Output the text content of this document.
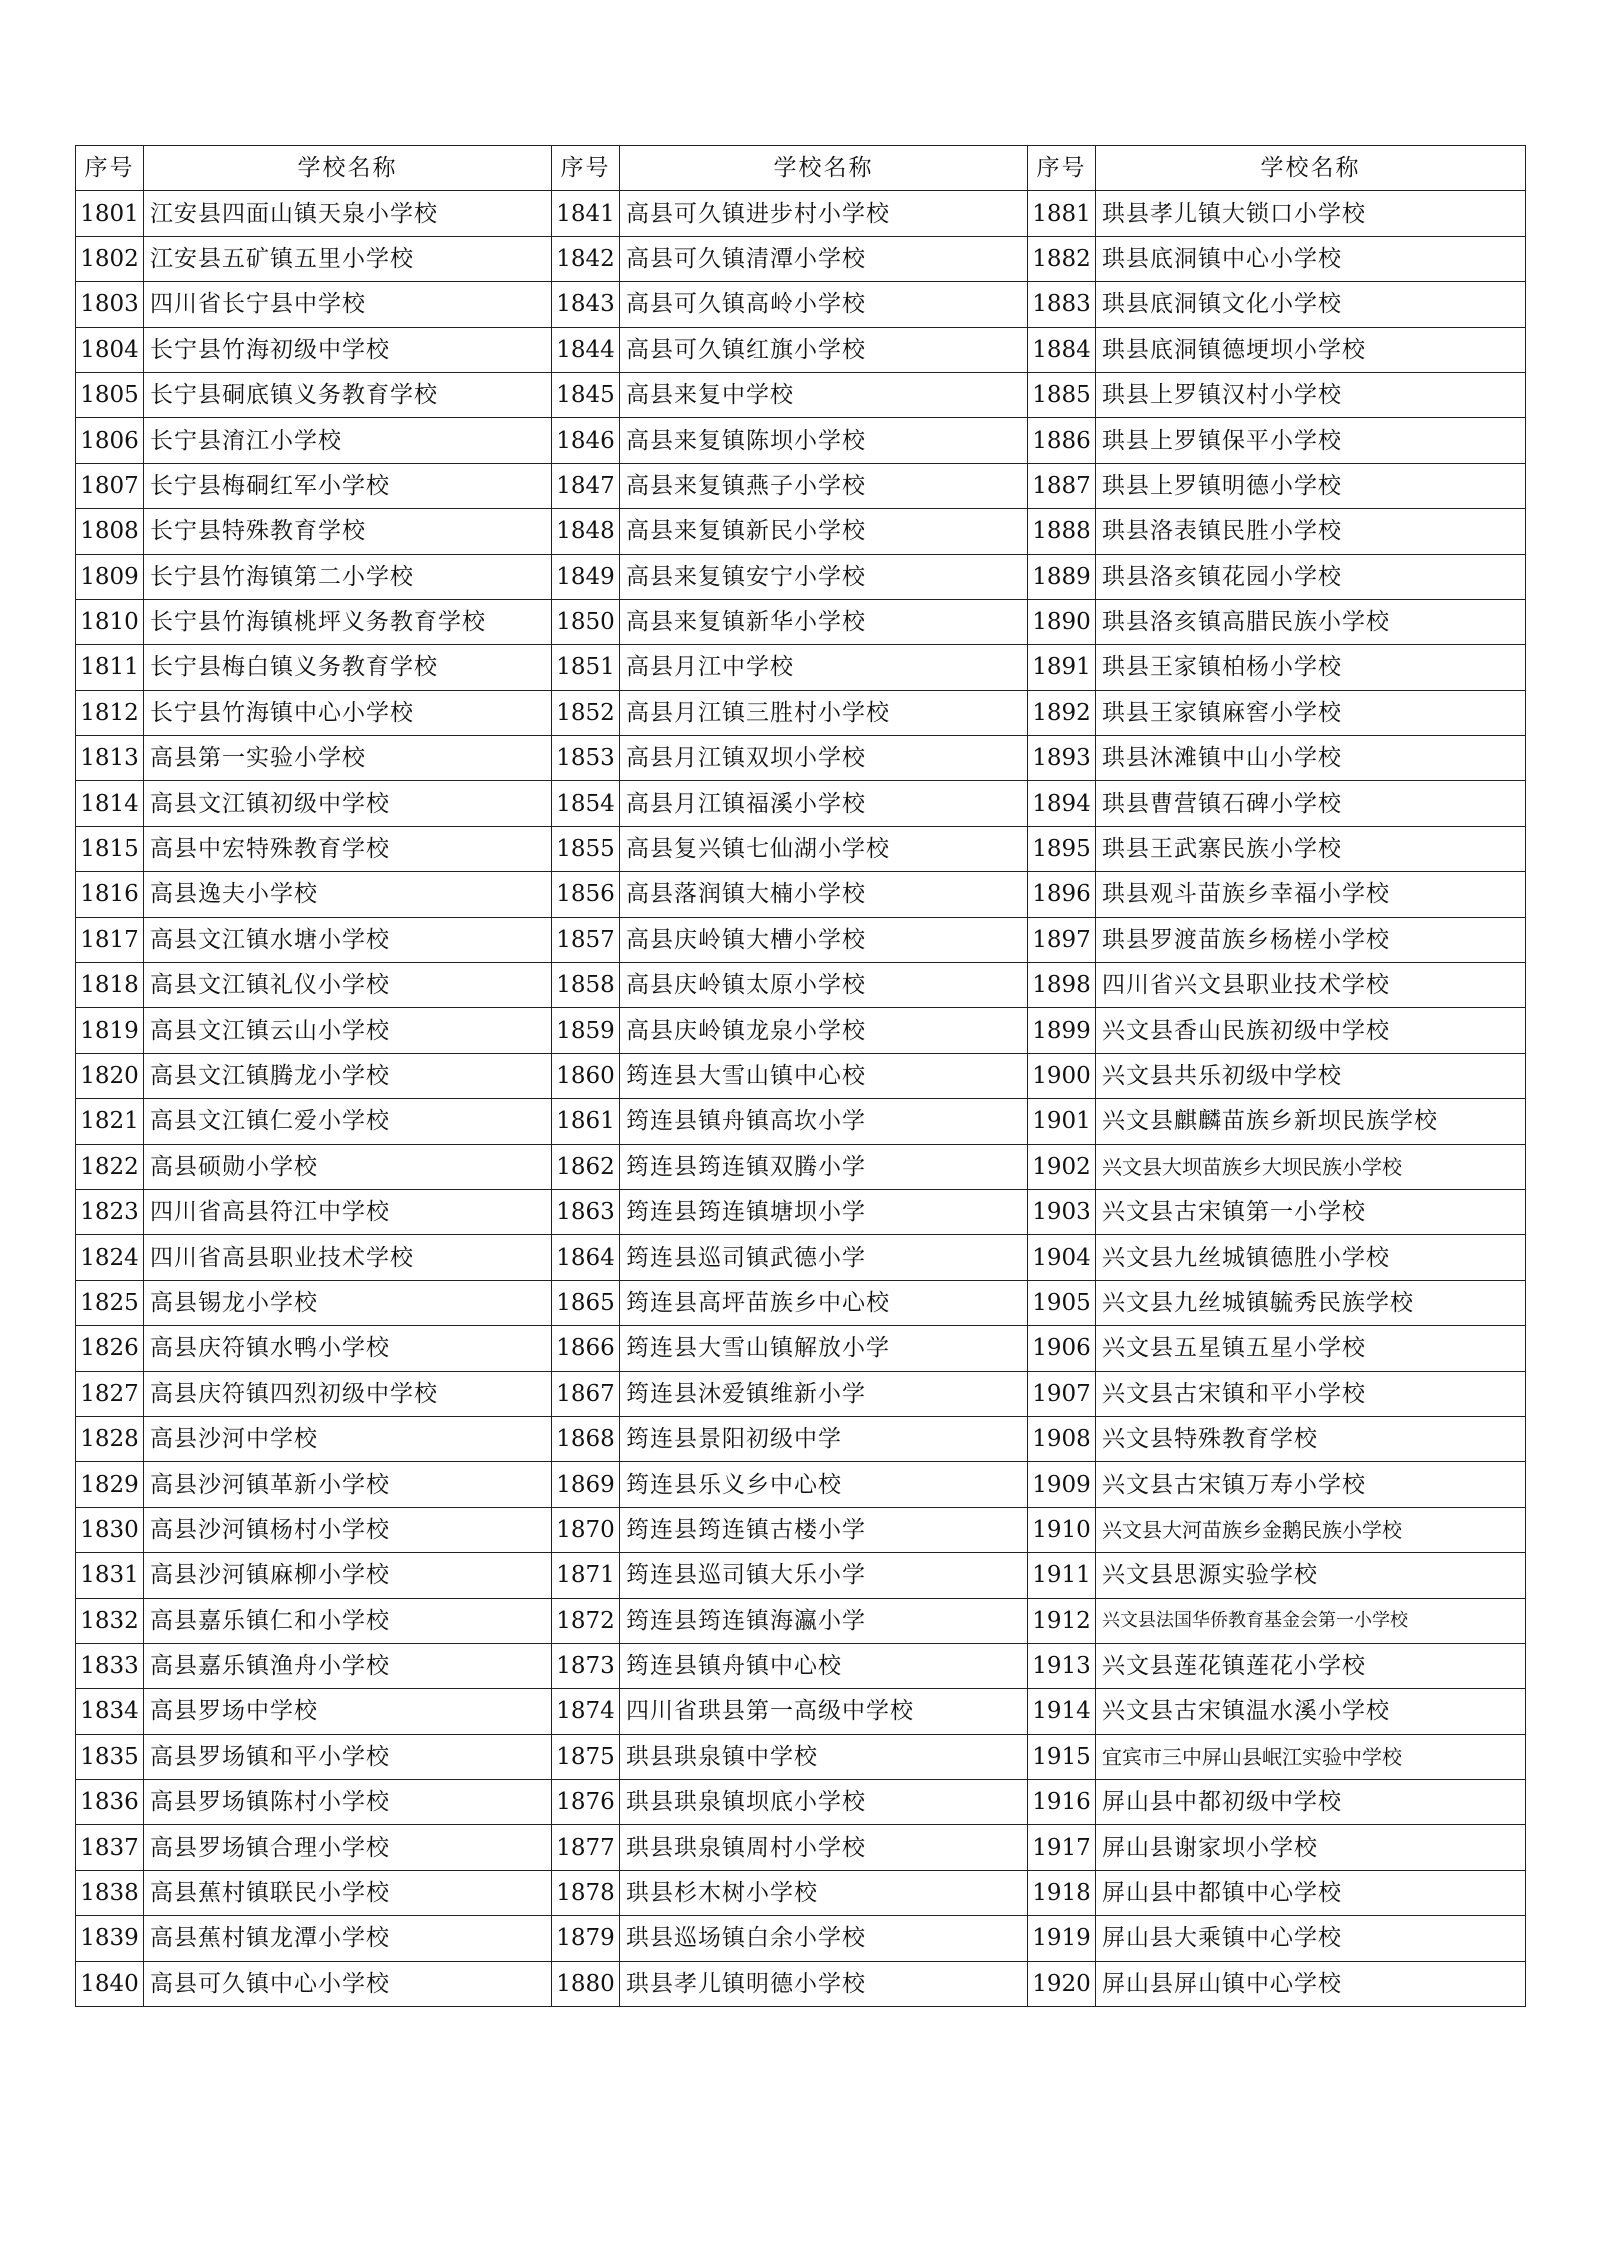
序号	学校名称	序号	学校名称	序号	学校名称
1801	江安县四面山镇天泉小学校	1841	高县可久镇进步村小学校	1881	珙县孝儿镇大锁口小学校
1802	江安县五矿镇五里小学校	1842	高县可久镇清潭小学校	1882	珙县底洞镇中心小学校
1803	四川省长宁县中学校	1843	高县可久镇高岭小学校	1883	珙县底洞镇文化小学校
1804	长宁县竹海初级中学校	1844	高县可久镇红旗小学校	1884	珙县底洞镇德埂坝小学校
1805	长宁县硐底镇义务教育学校	1845	高县来复中学校	1885	珙县上罗镇汉村小学校
1806	长宁县淯江小学校	1846	高县来复镇陈坝小学校	1886	珙县上罗镇保平小学校
1807	长宁县梅硐红军小学校	1847	高县来复镇燕子小学校	1887	珙县上罗镇明德小学校
1808	长宁县特殊教育学校	1848	高县来复镇新民小学校	1888	珙县洛表镇民胜小学校
1809	长宁县竹海镇第二小学校	1849	高县来复镇安宁小学校	1889	珙县洛亥镇花园小学校
1810	长宁县竹海镇桃坪义务教育学校	1850	高县来复镇新华小学校	1890	珙县洛亥镇高腊民族小学校
1811	长宁县梅白镇义务教育学校	1851	高县月江中学校	1891	珙县王家镇柏杨小学校
1812	长宁县竹海镇中心小学校	1852	高县月江镇三胜村小学校	1892	珙县王家镇麻窖小学校
1813	高县第一实验小学校	1853	高县月江镇双坝小学校	1893	珙县沐滩镇中山小学校
1814	高县文江镇初级中学校	1854	高县月江镇福溪小学校	1894	珙县曹营镇石碑小学校
1815	高县中宏特殊教育学校	1855	高县复兴镇七仙湖小学校	1895	珙县王武寨民族小学校
1816	高县逸夫小学校	1856	高县落润镇大楠小学校	1896	珙县观斗苗族乡幸福小学校
1817	高县文江镇水塘小学校	1857	高县庆岭镇大槽小学校	1897	珙县罗渡苗族乡杨槎小学校
1818	高县文江镇礼仪小学校	1858	高县庆岭镇太原小学校	1898	四川省兴文县职业技术学校
1819	高县文江镇云山小学校	1859	高县庆岭镇龙泉小学校	1899	兴文县香山民族初级中学校
1820	高县文江镇腾龙小学校	1860	筠连县大雪山镇中心校	1900	兴文县共乐初级中学校
1821	高县文江镇仁爱小学校	1861	筠连县镇舟镇高坎小学	1901	兴文县麒麟苗族乡新坝民族学校
1822	高县硕勋小学校	1862	筠连县筠连镇双腾小学	1902	兴文县大坝苗族乡大坝民族小学校
1823	四川省高县符江中学校	1863	筠连县筠连镇塘坝小学	1903	兴文县古宋镇第一小学校
1824	四川省高县职业技术学校	1864	筠连县巡司镇武德小学	1904	兴文县九丝城镇德胜小学校
1825	高县锡龙小学校	1865	筠连县高坪苗族乡中心校	1905	兴文县九丝城镇毓秀民族学校
1826	高县庆符镇水鸭小学校	1866	筠连县大雪山镇解放小学	1906	兴文县五星镇五星小学校
1827	高县庆符镇四烈初级中学校	1867	筠连县沐爱镇维新小学	1907	兴文县古宋镇和平小学校
1828	高县沙河中学校	1868	筠连县景阳初级中学	1908	兴文县特殊教育学校
1829	高县沙河镇革新小学校	1869	筠连县乐义乡中心校	1909	兴文县古宋镇万寿小学校
1830	高县沙河镇杨村小学校	1870	筠连县筠连镇古楼小学	1910	兴文县大河苗族乡金鹅民族小学校
1831	高县沙河镇麻柳小学校	1871	筠连县巡司镇大乐小学	1911	兴文县思源实验学校
1832	高县嘉乐镇仁和小学校	1872	筠连县筠连镇海瀛小学	1912	兴文县法国华侨教育基金会第一小学校
1833	高县嘉乐镇渔舟小学校	1873	筠连县镇舟镇中心校	1913	兴文县莲花镇莲花小学校
1834	高县罗场中学校	1874	四川省珙县第一高级中学校	1914	兴文县古宋镇温水溪小学校
1835	高县罗场镇和平小学校	1875	珙县珙泉镇中学校	1915	宜宾市三中屏山县岷江实验中学校
1836	高县罗场镇陈村小学校	1876	珙县珙泉镇坝底小学校	1916	屏山县中都初级中学校
1837	高县罗场镇合理小学校	1877	珙县珙泉镇周村小学校	1917	屏山县谢家坝小学校
1838	高县蕉村镇联民小学校	1878	珙县杉木树小学校	1918	屏山县中都镇中心学校
1839	高县蕉村镇龙潭小学校	1879	珙县巡场镇白余小学校	1919	屏山县大乘镇中心学校
1840	高县可久镇中心小学校	1880	珙县孝儿镇明德小学校	1920	屏山县屏山镇中心学校
